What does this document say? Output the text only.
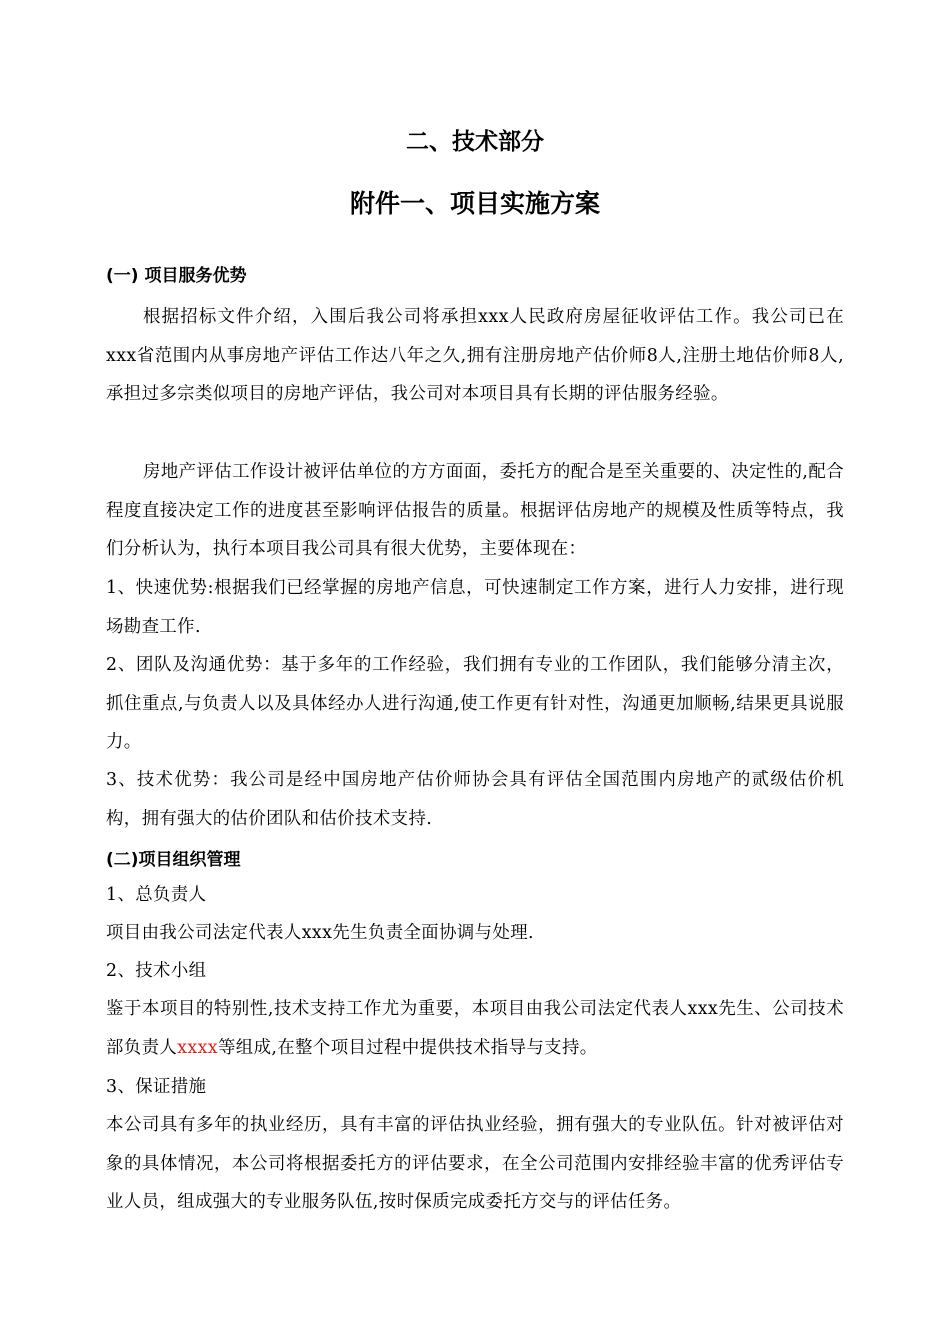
二、技术部分
附件一、项目实施方案
(一) 项目服务优势

根据招标文件介绍，入围后我公司将承担xxx人民政府房屋征收评估工作。我公司已在xxx省范围内从事房地产评估工作达八年之久,拥有注册房地产估价师8人,注册土地估价师8人,承担过多宗类似项目的房地产评估，我公司对本项目具有长期的评估服务经验。

房地产评估工作设计被评估单位的方方面面，委托方的配合是至关重要的、决定性的,配合程度直接决定工作的进度甚至影响评估报告的质量。根据评估房地产的规模及性质等特点，我们分析认为，执行本项目我公司具有很大优势，主要体现在：

1、快速优势:根据我们已经掌握的房地产信息，可快速制定工作方案，进行人力安排，进行现场勘查工作.

2、团队及沟通优势：基于多年的工作经验，我们拥有专业的工作团队，我们能够分清主次，抓住重点,与负责人以及具体经办人进行沟通,使工作更有针对性，沟通更加顺畅,结果更具说服力。

3、技术优势：我公司是经中国房地产估价师协会具有评估全国范围内房地产的贰级估价机构，拥有强大的估价团队和估价技术支持.

(二)项目组织管理

1、总负责人

项目由我公司法定代表人xxx先生负责全面协调与处理.

2、技术小组

鉴于本项目的特别性,技术支持工作尤为重要，本项目由我公司法定代表人xxx先生、公司技术部负责人xxxx等组成,在整个项目过程中提供技术指导与支持。

3、保证措施

本公司具有多年的执业经历，具有丰富的评估执业经验，拥有强大的专业队伍。针对被评估对象的具体情况，本公司将根据委托方的评估要求，在全公司范围内安排经验丰富的优秀评估专业人员，组成强大的专业服务队伍,按时保质完成委托方交与的评估任务。
